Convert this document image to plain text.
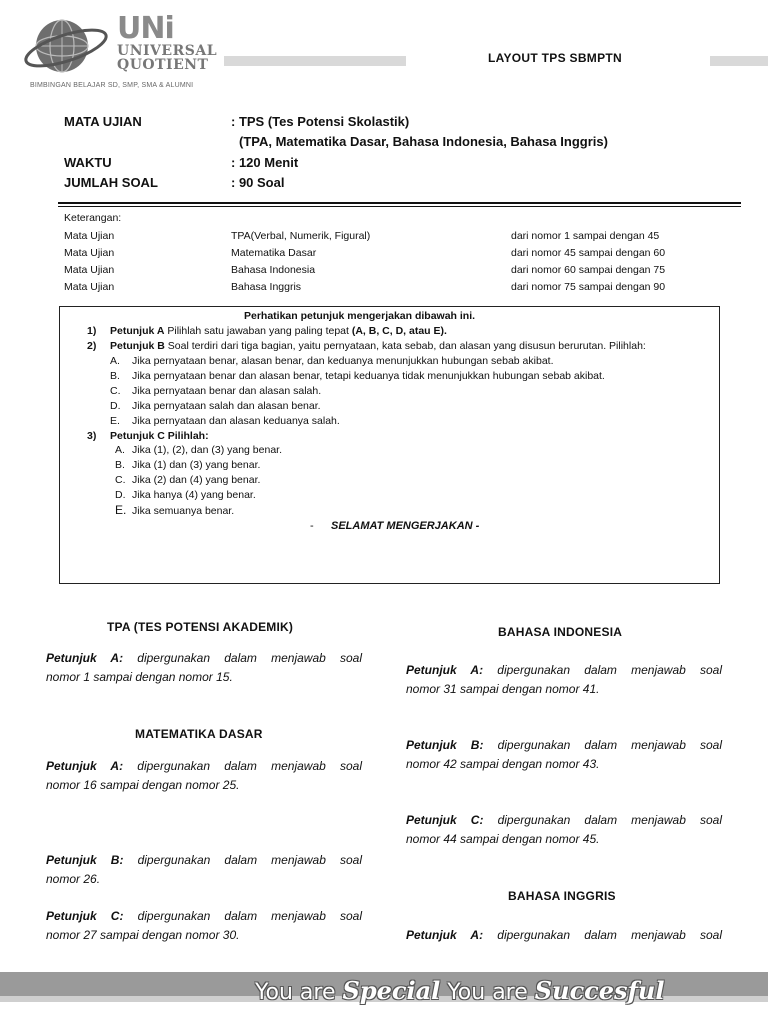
UNi
UNIVERSAL
QUOTIENT
BIMBINGAN BELAJAR SD, SMP, SMA & ALUMNI
LAYOUT TPS SBMPTN
MATA UJIAN	: TPS (Tes Potensi Skolastik)
(TPA, Matematika Dasar, Bahasa Indonesia, Bahasa Inggris)
WAKTU	: 120 Menit
JUMLAH SOAL	: 90 Soal
Keterangan:
Mata Ujian	TPA(Verbal, Numerik, Figural)	dari nomor 1 sampai dengan 45
Mata Ujian	Matematika Dasar	dari nomor 45 sampai dengan 60
Mata Ujian	Bahasa Indonesia	dari nomor 60 sampai dengan 75
Mata Ujian	Bahasa Inggris	dari nomor 75 sampai dengan 90
Perhatikan petunjuk mengerjakan dibawah ini.
1) Petunjuk A Pilihlah satu jawaban yang paling tepat (A, B, C, D, atau E).
2) Petunjuk B Soal terdiri dari tiga bagian, yaitu pernyataan, kata sebab, dan alasan yang disusun berurutan. Pilihlah:
A. Jika pernyataan benar, alasan benar, dan keduanya menunjukkan hubungan sebab akibat.
B. Jika pernyataan benar dan alasan benar, tetapi keduanya tidak menunjukkan hubungan sebab akibat.
C. Jika pernyataan benar dan alasan salah.
D. Jika pernyataan salah dan alasan benar.
E. Jika pernyataan dan alasan keduanya salah.
3) Petunjuk C Pilihlah:
A. Jika (1), (2), dan (3) yang benar.
B. Jika (1) dan (3) yang benar.
C. Jika (2) dan (4) yang benar.
D. Jika hanya (4) yang benar.
E. Jika semuanya benar.
- SELAMAT MENGERJAKAN -
TPA (TES POTENSI AKADEMIK)
Petunjuk A: dipergunakan dalam menjawab soal
nomor 1 sampai dengan nomor 15.
MATEMATIKA DASAR
Petunjuk A: dipergunakan dalam menjawab soal
nomor 16 sampai dengan nomor 25.
Petunjuk B: dipergunakan dalam menjawab soal
nomor 26.
Petunjuk C: dipergunakan dalam menjawab soal
nomor 27 sampai dengan nomor 30.
BAHASA INDONESIA
Petunjuk A: dipergunakan dalam menjawab soal
nomor 31 sampai dengan nomor 41.
Petunjuk B: dipergunakan dalam menjawab soal
nomor 42 sampai dengan nomor 43.
Petunjuk C: dipergunakan dalam menjawab soal
nomor 44 sampai dengan nomor 45.
BAHASA INGGRIS
Petunjuk A: dipergunakan dalam menjawab soal
You are Special You are Succesful
